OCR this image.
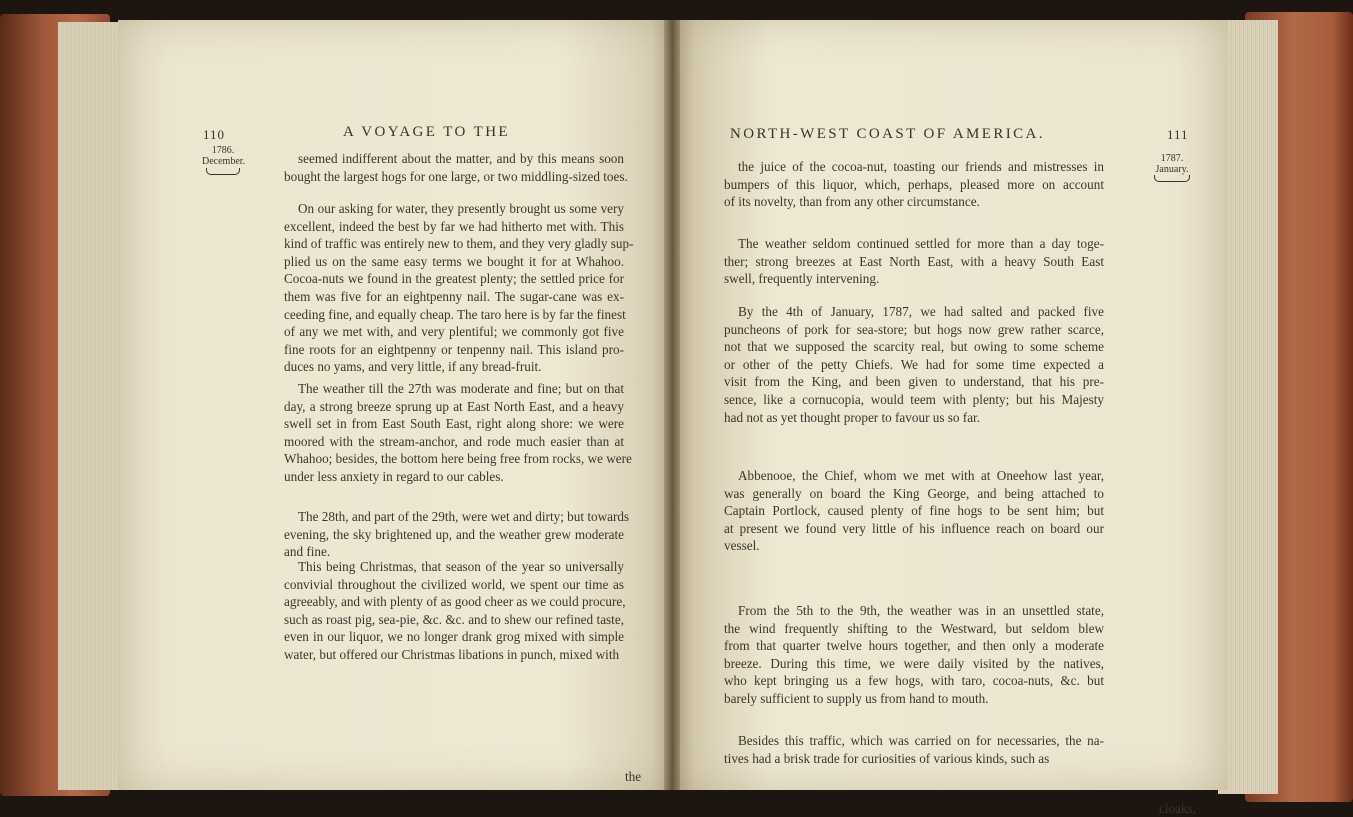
110	A VOYAGE TO THE
1786.
December.	seemed indifferent about the matter, and by this means soon
bought the largest hogs for one large, or two middling-sized toes.

On our asking for water, they presently brought us some very
excellent, indeed the best by far we had hitherto met with. This
kind of traffic was entirely new to them, and they very gladly sup-
plied us on the same easy terms we bought it for at Whahoo.
Cocoa-nuts we found in the greatest plenty; the settled price for
them was five for an eightpenny nail. The sugar-cane was ex-
ceeding fine, and equally cheap. The taro here is by far the finest
of any we met with, and very plentiful; we commonly got five
fine roots for an eightpenny or tenpenny nail. This island pro-
duces no yams, and very little, if any bread-fruit.

The weather till the 27th was moderate and fine; but on that
day, a strong breeze sprung up at East North East, and a heavy
swell set in from East South East, right along shore: we were
moored with the stream-anchor, and rode much easier than at
Whahoo; besides, the bottom here being free from rocks, we were
under less anxiety in regard to our cables.

The 28th, and part of the 29th, were wet and dirty; but towards
evening, the sky brightened up, and the weather grew moderate
and fine.

This being Christmas, that season of the year so universally
convivial throughout the civilized world, we spent our time as
agreeably, and with plenty of as good cheer as we could procure,
such as roast pig, sea-pie, &c. &c. and to shew our refined taste,
even in our liquor, we no longer drank grog mixed with simple
water, but offered our Christmas libations in punch, mixed with

the
NORTH-WEST COAST OF AMERICA.	111
1787.
January.

the juice of the cocoa-nut, toasting our friends and mistresses in
bumpers of this liquor, which, perhaps, pleased more on account
of its novelty, than from any other circumstance.

The weather seldom continued settled for more than a day toge-
ther; strong breezes at East North East, with a heavy South East
swell, frequently intervening.

By the 4th of January, 1787, we had salted and packed five
puncheons of pork for sea-store; but hogs now grew rather scarce,
not that we supposed the scarcity real, but owing to some scheme
or other of the petty Chiefs. We had for some time expected a
visit from the King, and been given to understand, that his pre-
sence, like a cornucopia, would teem with plenty; but his Majesty
had not as yet thought proper to favour us so far.

Abbenooe, the Chief, whom we met with at Oneehow last year,
was generally on board the King George, and being attached to
Captain Portlock, caused plenty of fine hogs to be sent him; but
at present we found very little of his influence reach on board our
vessel.

From the 5th to the 9th, the weather was in an unsettled state,
the wind frequently shifting to the Westward, but seldom blew
from that quarter twelve hours together, and then only a moderate
breeze. During this time, we were daily visited by the natives,
who kept bringing us a few hogs, with taro, cocoa-nuts, &c. but
barely sufficient to supply us from hand to mouth.

Besides this traffic, which was carried on for necessaries, the na-
tives had a brisk trade for curiosities of various kinds, such as

cloaks,
